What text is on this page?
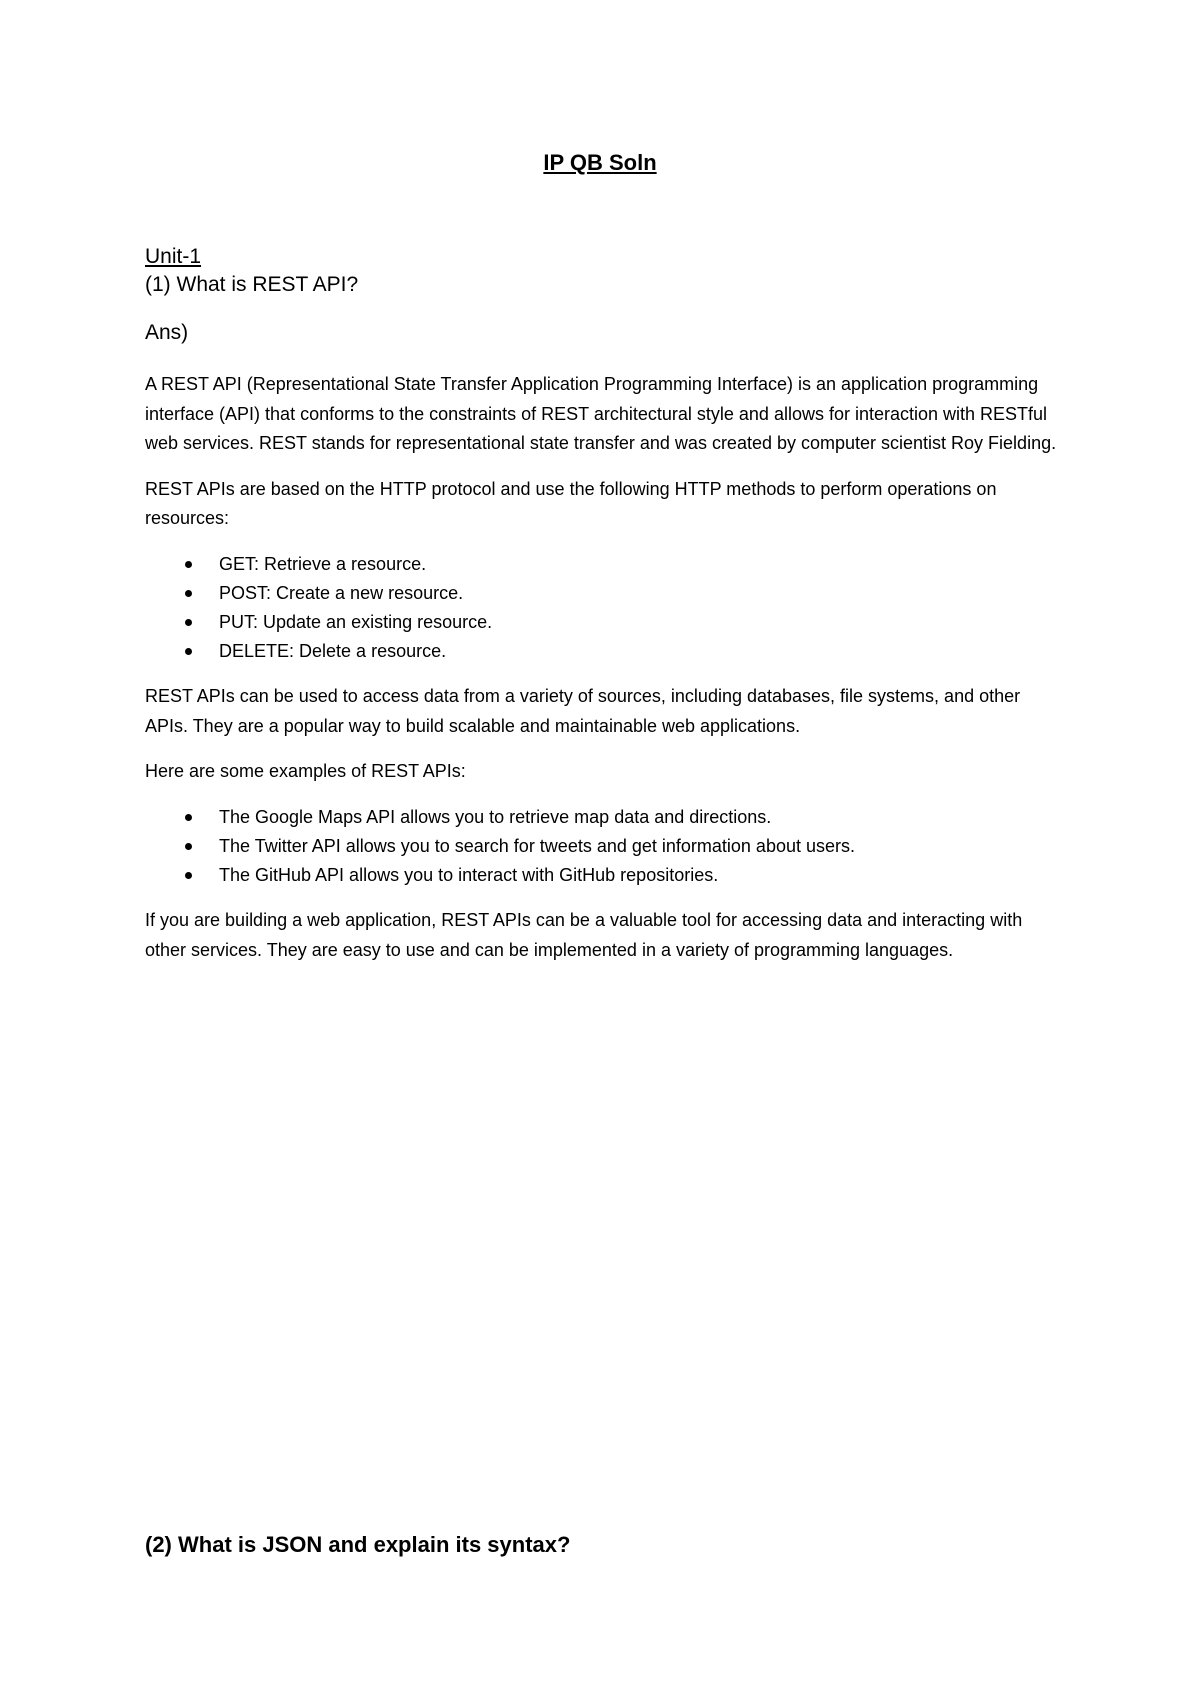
IP QB Soln
Unit-1
(1) What is REST API?
Ans)

A REST API (Representational State Transfer Application Programming Interface) is an application programming interface (API) that conforms to the constraints of REST architectural style and allows for interaction with RESTful web services. REST stands for representational state transfer and was created by computer scientist Roy Fielding.

REST APIs are based on the HTTP protocol and use the following HTTP methods to perform operations on resources:

GET: Retrieve a resource.
POST: Create a new resource.
PUT: Update an existing resource.
DELETE: Delete a resource.

REST APIs can be used to access data from a variety of sources, including databases, file systems, and other APIs. They are a popular way to build scalable and maintainable web applications.

Here are some examples of REST APIs:

The Google Maps API allows you to retrieve map data and directions.
The Twitter API allows you to search for tweets and get information about users.
The GitHub API allows you to interact with GitHub repositories.

If you are building a web application, REST APIs can be a valuable tool for accessing data and interacting with other services. They are easy to use and can be implemented in a variety of programming languages.

(2) What is JSON and explain its syntax?
